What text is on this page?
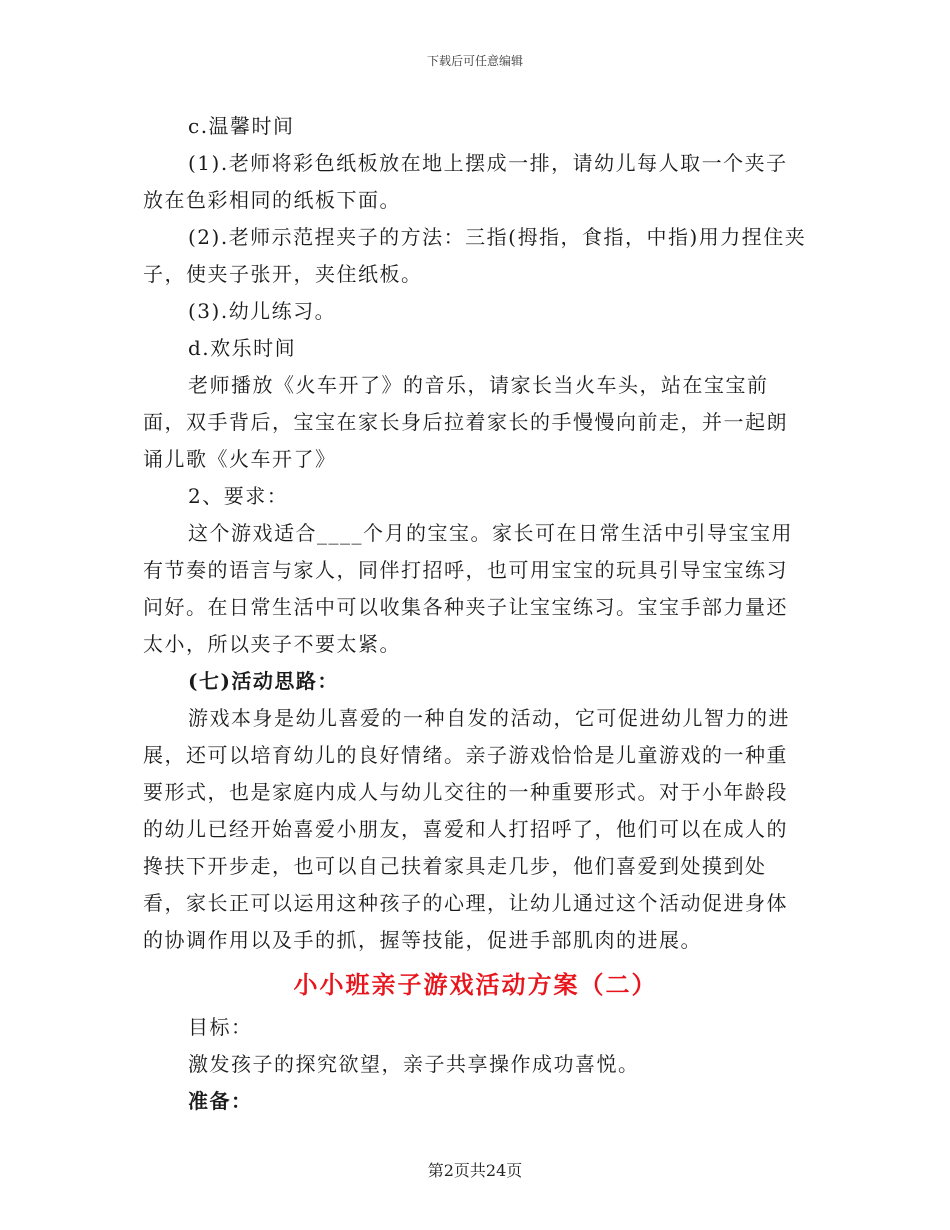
下载后可任意编辑

c.温馨时间

(1).老师将彩色纸板放在地上摆成一排，请幼儿每人取一个夹子放在色彩相同的纸板下面。

(2).老师示范捏夹子的方法：三指(拇指，食指，中指)用力捏住夹子，使夹子张开，夹住纸板。

(3).幼儿练习。

d.欢乐时间

老师播放《火车开了》的音乐，请家长当火车头，站在宝宝前面，双手背后，宝宝在家长身后拉着家长的手慢慢向前走，并一起朗诵儿歌《火车开了》

2、要求：

这个游戏适合____个月的宝宝。家长可在日常生活中引导宝宝用有节奏的语言与家人，同伴打招呼，也可用宝宝的玩具引导宝宝练习问好。在日常生活中可以收集各种夹子让宝宝练习。宝宝手部力量还太小，所以夹子不要太紧。

(七)活动思路：

游戏本身是幼儿喜爱的一种自发的活动，它可促进幼儿智力的进展，还可以培育幼儿的良好情绪。亲子游戏恰恰是儿童游戏的一种重要形式，也是家庭内成人与幼儿交往的一种重要形式。对于小年龄段的幼儿已经开始喜爱小朋友，喜爱和人打招呼了，他们可以在成人的搀扶下开步走，也可以自己扶着家具走几步，他们喜爱到处摸到处看，家长正可以运用这种孩子的心理，让幼儿通过这个活动促进身体的协调作用以及手的抓，握等技能，促进手部肌肉的进展。

小小班亲子游戏活动方案（二）

目标：

激发孩子的探究欲望，亲子共享操作成功喜悦。

准备：

第2页共24页
